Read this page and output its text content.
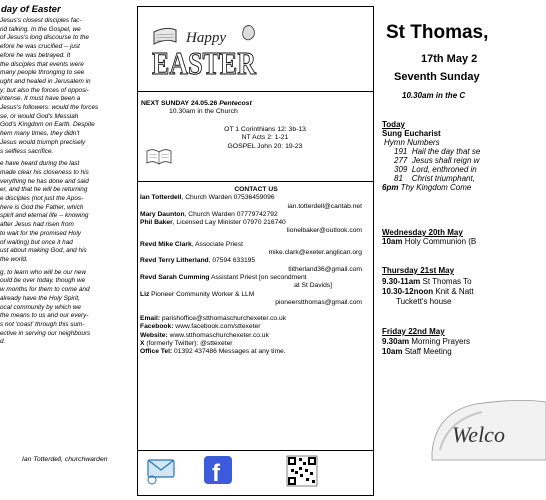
day of Easter

Jesus's closest disciples fac-
nd talking. In the Gospel, we
of Jesus's long discourse to the
efore he was crucified -- just
efore he was betrayed. It
the disciples that events were
many people thronging to see
ught and healed in Jerusalem in
y; but also the forces of opposi-
intense. It must have been a
Jesus's followers: would the forces
se, or would God's Messiah
God's Kingdom on Earth. Despite
hem many times, they didn't
Jesus would triumph precisely
s selfless sacrifice.

e have heard during the last
made clear his closeness to his
verything he has done and said
er, and that he will be returning
e disciples (not just the Apos-
here is God the Father, which
spirit and eternal life -- knowing
after Jesus had risen from
to wait for the promised Holy
of waiting) but once it had
ust about making God, and his
the world.

g, to learn who will be our new
ould be over today, though we
w months for them to come and
already have the Holy Spirit,
ocal community by which we
the means to us and our every-
s not 'coast' through this sum-
ective in serving our neighbours
d.

Ian Totterdell, churchwarden
Happy
EASTER
NEXT SUNDAY 24.05.26 Pentecost
10.30am in the Church
OT 1 Corinthians 12: 3b-13
NT Acts 2: 1-21
GOSPEL John 20: 19-23
CONTACT US
Ian Totterdell, Church Warden 07536459096
ian.totterdell@cantab.net
Mary Daunton, Church Warden 07779742792
Phil Baker, Licensed Lay Minister 07970 216740
lionelbaker@outlook.com
Revd Mike Clark, Associate Priest
mike.clark@exeter.anglican.org
Revd Terry Litherland, 07594 633195
tlitherland36@gmail.com
Revd Sarah Cumming Assistant Priest [on secondment
at St Davids]
Liz Pioneer Community Worker & LLM
pioneerstthomas@gmail.com
Email: parishoffice@stthomaschurchexeter.co.uk
Facebook: www.facebook.com/sttexeter
Website: www.stthomaschurchexeter.co.uk
X (formerly Twitter): @sttexeter
Office Tel: 01392 437486 Messages at any time.
f
St Thomas,
17th May 2
Seventh Sunday
10.30am in the C
Today
Sung Eucharist
Hymn Numbers
191 Hail the day that se
277 Jesus shall reign w
309 Lord, enthroned in
81 Christ triumphant,
6pm Thy Kingdom Come
Wednesday 20th May
10am Holy Communion (B
Thursday 21st May
9.30-11am St Thomas To
10.30-12noon Knit & Natt
Tuckett's house
Friday 22nd May
9.30am Morning Prayers
10am Staff Meeting
Welco
